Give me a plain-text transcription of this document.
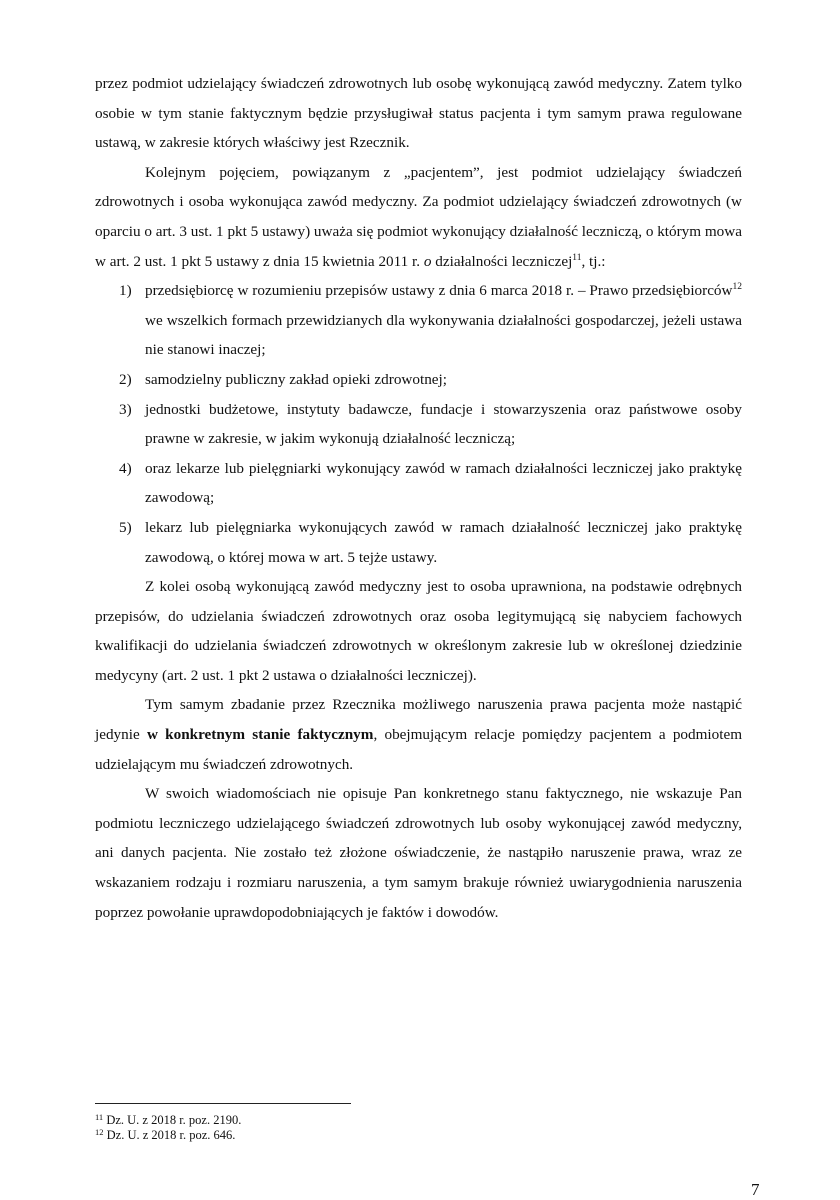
przez podmiot udzielający świadczeń zdrowotnych lub osobę wykonującą zawód medyczny. Zatem tylko osobie w tym stanie faktycznym będzie przysługiwał status pacjenta i tym samym prawa regulowane ustawą, w zakresie których właściwy jest Rzecznik.

Kolejnym pojęciem, powiązanym z „pacjentem”, jest podmiot udzielający świadczeń zdrowotnych i osoba wykonująca zawód medyczny. Za podmiot udzielający świadczeń zdrowotnych (w oparciu o art. 3 ust. 1 pkt 5 ustawy) uważa się podmiot wykonujący działalność leczniczą, o którym mowa w art. 2 ust. 1 pkt 5 ustawy z dnia 15 kwietnia 2011 r. o działalności leczniczej$^{11}$, tj.:

1) przedsiębiorcę w rozumieniu przepisów ustawy z dnia 6 marca 2018 r. – Prawo przedsiębiorców$^{12}$ we wszelkich formach przewidzianych dla wykonywania działalności gospodarczej, jeżeli ustawa nie stanowi inaczej;
2) samodzielny publiczny zakład opieki zdrowotnej;
3) jednostki budżetowe, instytuty badawcze, fundacje i stowarzyszenia oraz państwowe osoby prawne w zakresie, w jakim wykonują działalność leczniczą;
4) oraz lekarze lub pielęgniarki wykonujący zawód w ramach działalności leczniczej jako praktykę zawodową;
5) lekarz lub pielęgniarka wykonujących zawód w ramach działalność leczniczej jako praktykę zawodową, o której mowa w art. 5 tejże ustawy.

Z kolei osobą wykonującą zawód medyczny jest to osoba uprawniona, na podstawie odrębnych przepisów, do udzielania świadczeń zdrowotnych oraz osoba legitymującą się nabyciem fachowych kwalifikacji do udzielania świadczeń zdrowotnych w określonym zakresie lub w określonej dziedzinie medycyny (art. 2 ust. 1 pkt 2 ustawa o działalności leczniczej).

Tym samym zbadanie przez Rzecznika możliwego naruszenia prawa pacjenta może nastąpić jedynie w konkretnym stanie faktycznym, obejmującym relacje pomiędzy pacjentem a podmiotem udzielającym mu świadczeń zdrowotnych.

W swoich wiadomościach nie opisuje Pan konkretnego stanu faktycznego, nie wskazuje Pan podmiotu leczniczego udzielającego świadczeń zdrowotnych lub osoby wykonującej zawód medyczny, ani danych pacjenta. Nie zostało też złożone oświadczenie, że nastąpiło naruszenie prawa, wraz ze wskazaniem rodzaju i rozmiaru naruszenia, a tym samym brakuje również uwiarygodnienia naruszenia poprzez powołanie uprawdopodobniających je faktów i dowodów.

$^{11}$ Dz. U. z 2018 r. poz. 2190.
$^{12}$ Dz. U. z 2018 r. poz. 646.
7
